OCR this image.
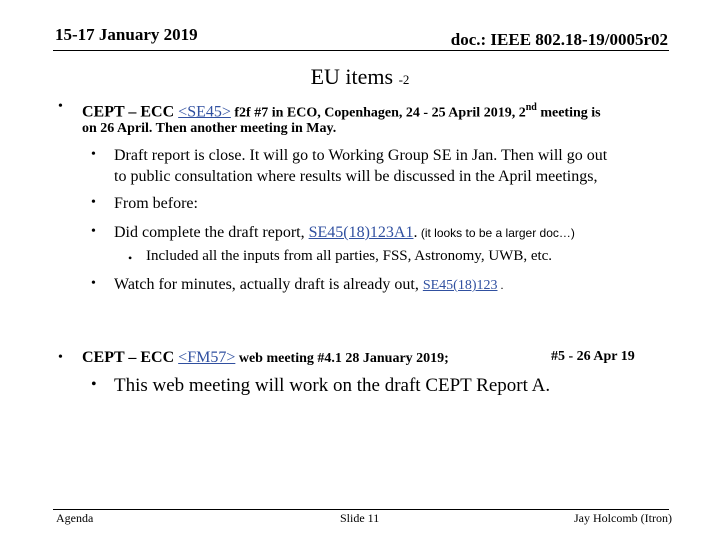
15-17 January 2019	doc.: IEEE 802.18-19/0005r02
EU items -2
• CEPT – ECC <SE45> f2f #7 in ECO, Copenhagen, 24 - 25 April 2019, 2nd meeting is
on 26 April. Then another meeting in May.
• Draft report is close. It will go to Working Group SE in Jan. Then will go out
to public consultation where results will be discussed in the April meetings,
• From before:
• Did complete the draft report, SE45(18)123A1. (it looks to be a larger doc…)
• Included all the inputs from all parties, FSS, Astronomy, UWB, etc.
• Watch for minutes, actually draft is already out, SE45(18)123 .
• CEPT – ECC <FM57> web meeting #4.1 28 January 2019;	#5 - 26 Apr 19
• This web meeting will work on the draft CEPT Report A.
Agenda	Slide 11	Jay Holcomb (Itron)
